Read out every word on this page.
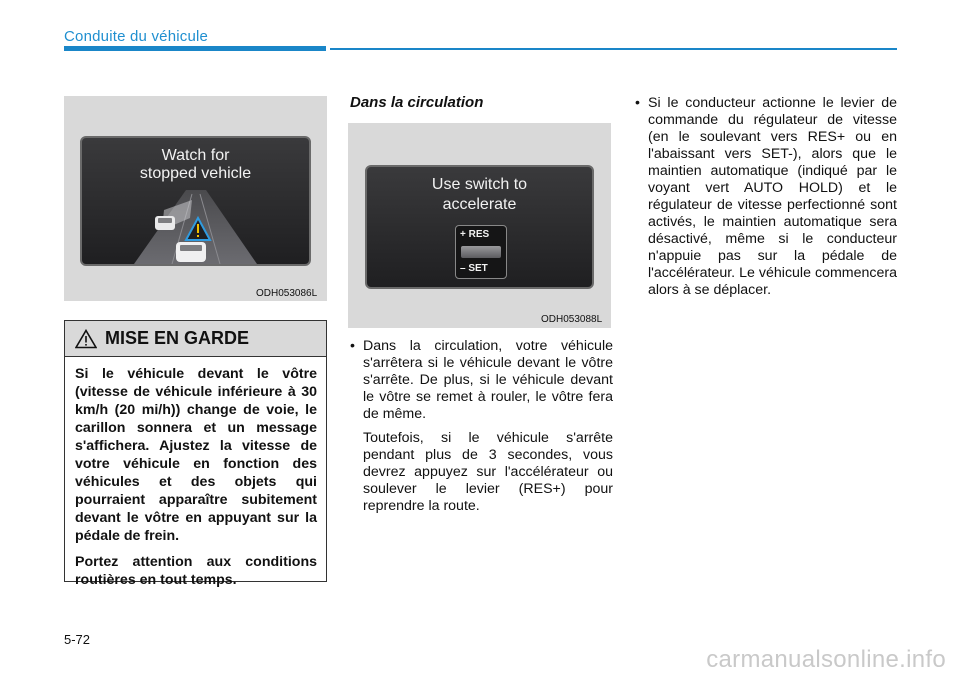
Conduite du véhicule
Watch for
stopped vehicle
ODH053086L
MISE EN GARDE

Si le véhicule devant le vôtre (vitesse de véhicule inférieure à 30 km/h (20 mi/h)) change de voie, le carillon sonnera et un message s'affichera. Ajustez la vitesse de votre véhicule en fonction des véhicules et des objets qui pourraient apparaître subitement devant le vôtre en appuyant sur la pédale de frein.

Portez attention aux conditions routières en tout temps.

Dans la circulation
Use switch to
accelerate
+ RES
– SET
ODH053088L
• Dans la circulation, votre véhicule s'arrêtera si le véhicule devant le vôtre s'arrête. De plus, si le véhicule devant le vôtre se remet à rouler, le vôtre fera de même.
Toutefois, si le véhicule s'arrête pendant plus de 3 secondes, vous devrez appuyez sur l'accélérateur ou soulever le levier (RES+) pour reprendre la route.
• Si le conducteur actionne le levier de commande du régulateur de vitesse (en le soulevant vers RES+ ou en l'abaissant vers SET-), alors que le maintien automatique (indiqué par le voyant vert AUTO HOLD) et le régulateur de vitesse perfectionné sont activés, le maintien automatique sera désactivé, même si le conducteur n'appuie pas sur la pédale de l'accélérateur. Le véhicule commencera alors à se déplacer.
5-72
carmanualsonline.info
